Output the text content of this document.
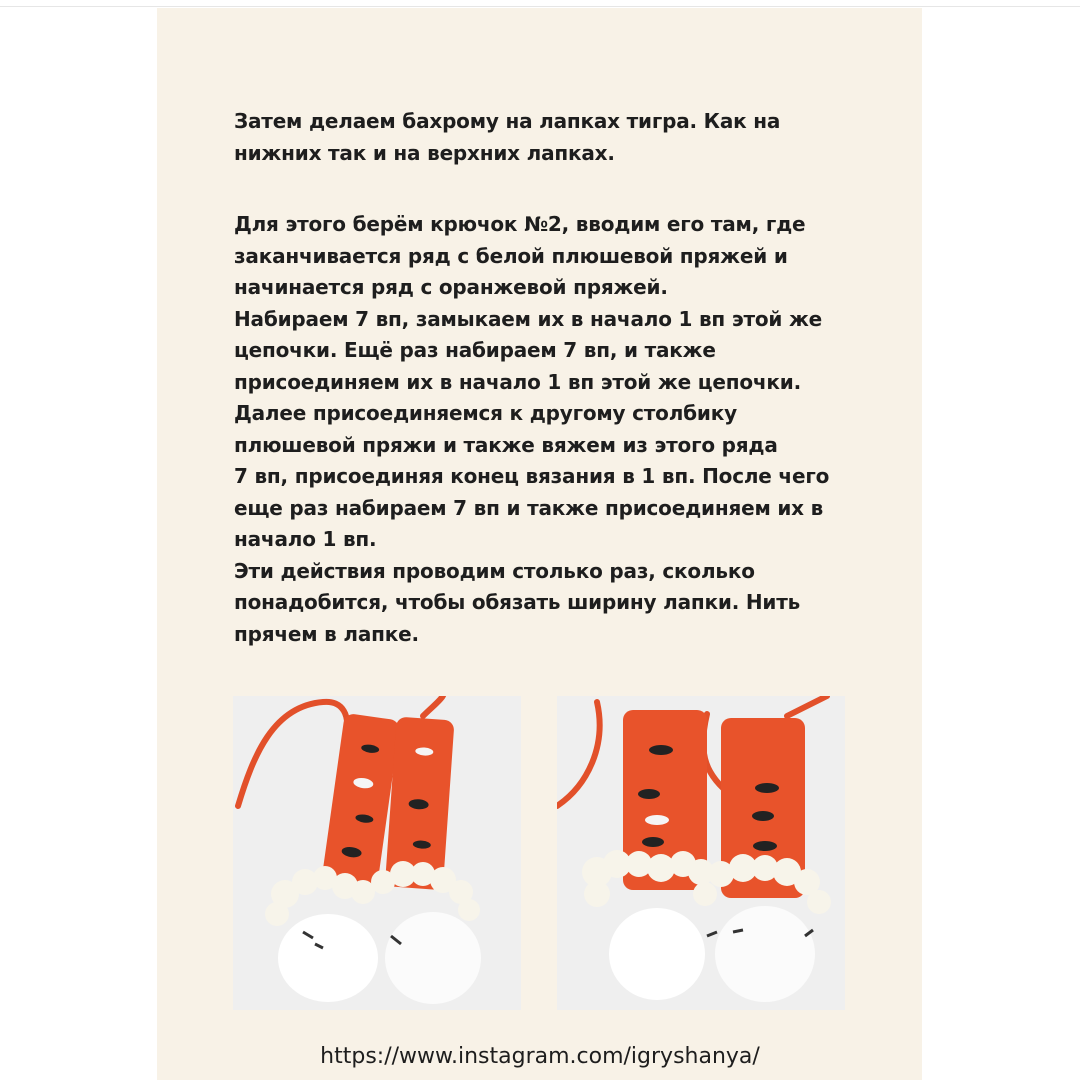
Затем делаем бахрому на лапках тигра. Как на
нижних так и на верхних лапках.

Для этого берём крючок №2, вводим его там, где
заканчивается ряд с белой плюшевой пряжей и
начинается ряд с оранжевой пряжей.
Набираем 7 вп, замыкаем их в начало 1 вп этой же
цепочки. Ещё раз набираем 7 вп, и также
присоединяем их в начало 1 вп этой же цепочки.
Далее присоединяемся к другому столбику
плюшевой пряжи и также вяжем из этого ряда
7 вп, присоединяя конец вязания в 1 вп. После чего
еще раз набираем 7 вп и также присоединяем их в
начало 1 вп.
Эти действия проводим столько раз, сколько
понадобится, чтобы обязать ширину лапки. Нить
прячем в лапке.

https://www.instagram.com/igryshanya/
